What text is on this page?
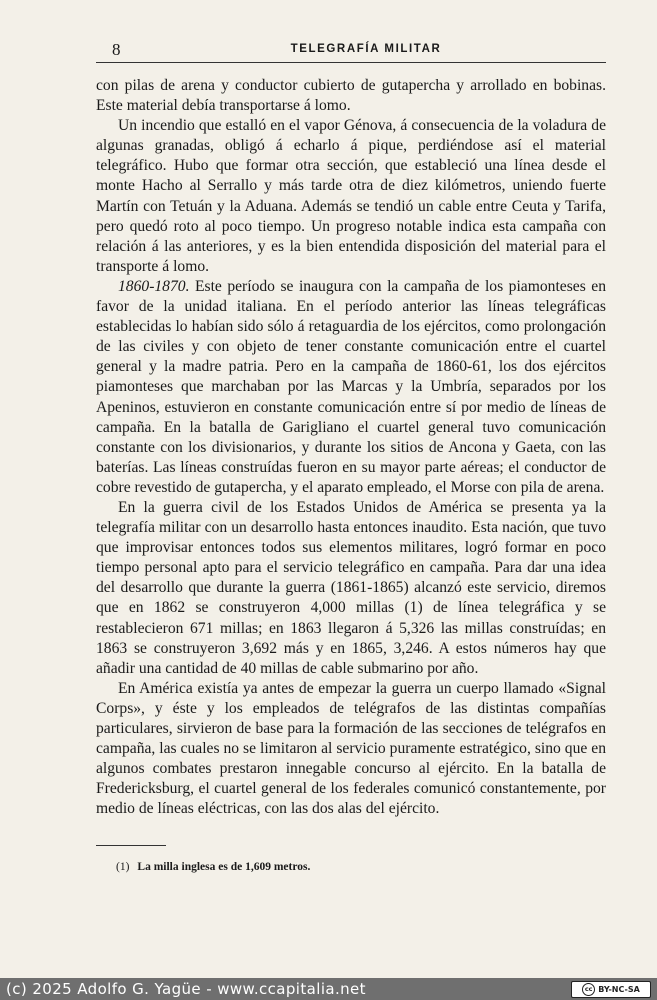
8	TELEGRAFÍA MILITAR

con pilas de arena y conductor cubierto de gutapercha y arrollado en bobinas. Este material debía transportarse á lomo.

Un incendio que estalló en el vapor Génova, á consecuencia de la voladura de algunas granadas, obligó á echarlo á pique, perdiéndose así el material telegráfico. Hubo que formar otra sección, que estableció una línea desde el monte Hacho al Serrallo y más tarde otra de diez kilómetros, uniendo fuerte Martín con Tetuán y la Aduana. Además se tendió un cable entre Ceuta y Tarifa, pero quedó roto al poco tiempo. Un progreso notable indica esta campaña con relación á las anteriores, y es la bien entendida disposición del material para el transporte á lomo.

1860-1870. Este período se inaugura con la campaña de los piamonteses en favor de la unidad italiana. En el período anterior las líneas telegráficas establecidas lo habían sido sólo á retaguardia de los ejércitos, como prolongación de las civiles y con objeto de tener constante comunicación entre el cuartel general y la madre patria. Pero en la campaña de 1860-61, los dos ejércitos piamonteses que marchaban por las Marcas y la Umbría, separados por los Apeninos, estuvieron en constante comunicación entre sí por medio de líneas de campaña. En la batalla de Garigliano el cuartel general tuvo comunicación constante con los divisionarios, y durante los sitios de Ancona y Gaeta, con las baterías. Las líneas construídas fueron en su mayor parte aéreas; el conductor de cobre revestido de gutapercha, y el aparato empleado, el Morse con pila de arena.

En la guerra civil de los Estados Unidos de América se presenta ya la telegrafía militar con un desarrollo hasta entonces inaudito. Esta nación, que tuvo que improvisar entonces todos sus elementos militares, logró formar en poco tiempo personal apto para el servicio telegráfico en campaña. Para dar una idea del desarrollo que durante la guerra (1861-1865) alcanzó este servicio, diremos que en 1862 se construyeron 4,000 millas (1) de línea telegráfica y se restablecieron 671 millas; en 1863 llegaron á 5,326 las millas construídas; en 1863 se construyeron 3,692 más y en 1865, 3,246. A estos números hay que añadir una cantidad de 40 millas de cable submarino por año.

En América existía ya antes de empezar la guerra un cuerpo llamado «Signal Corps», y éste y los empleados de telégrafos de las distintas compañías particulares, sirvieron de base para la formación de las secciones de telégrafos en campaña, las cuales no se limitaron al servicio puramente estratégico, sino que en algunos combates prestaron innegable concurso al ejército. En la batalla de Fredericksburg, el cuartel general de los federales comunicó constantemente, por medio de líneas eléctricas, con las dos alas del ejército.

(1) La milla inglesa es de 1,609 metros.
(c) 2025 Adolfo G. Yagüe - www.ccapitalia.net	cc BY-NC-SA
